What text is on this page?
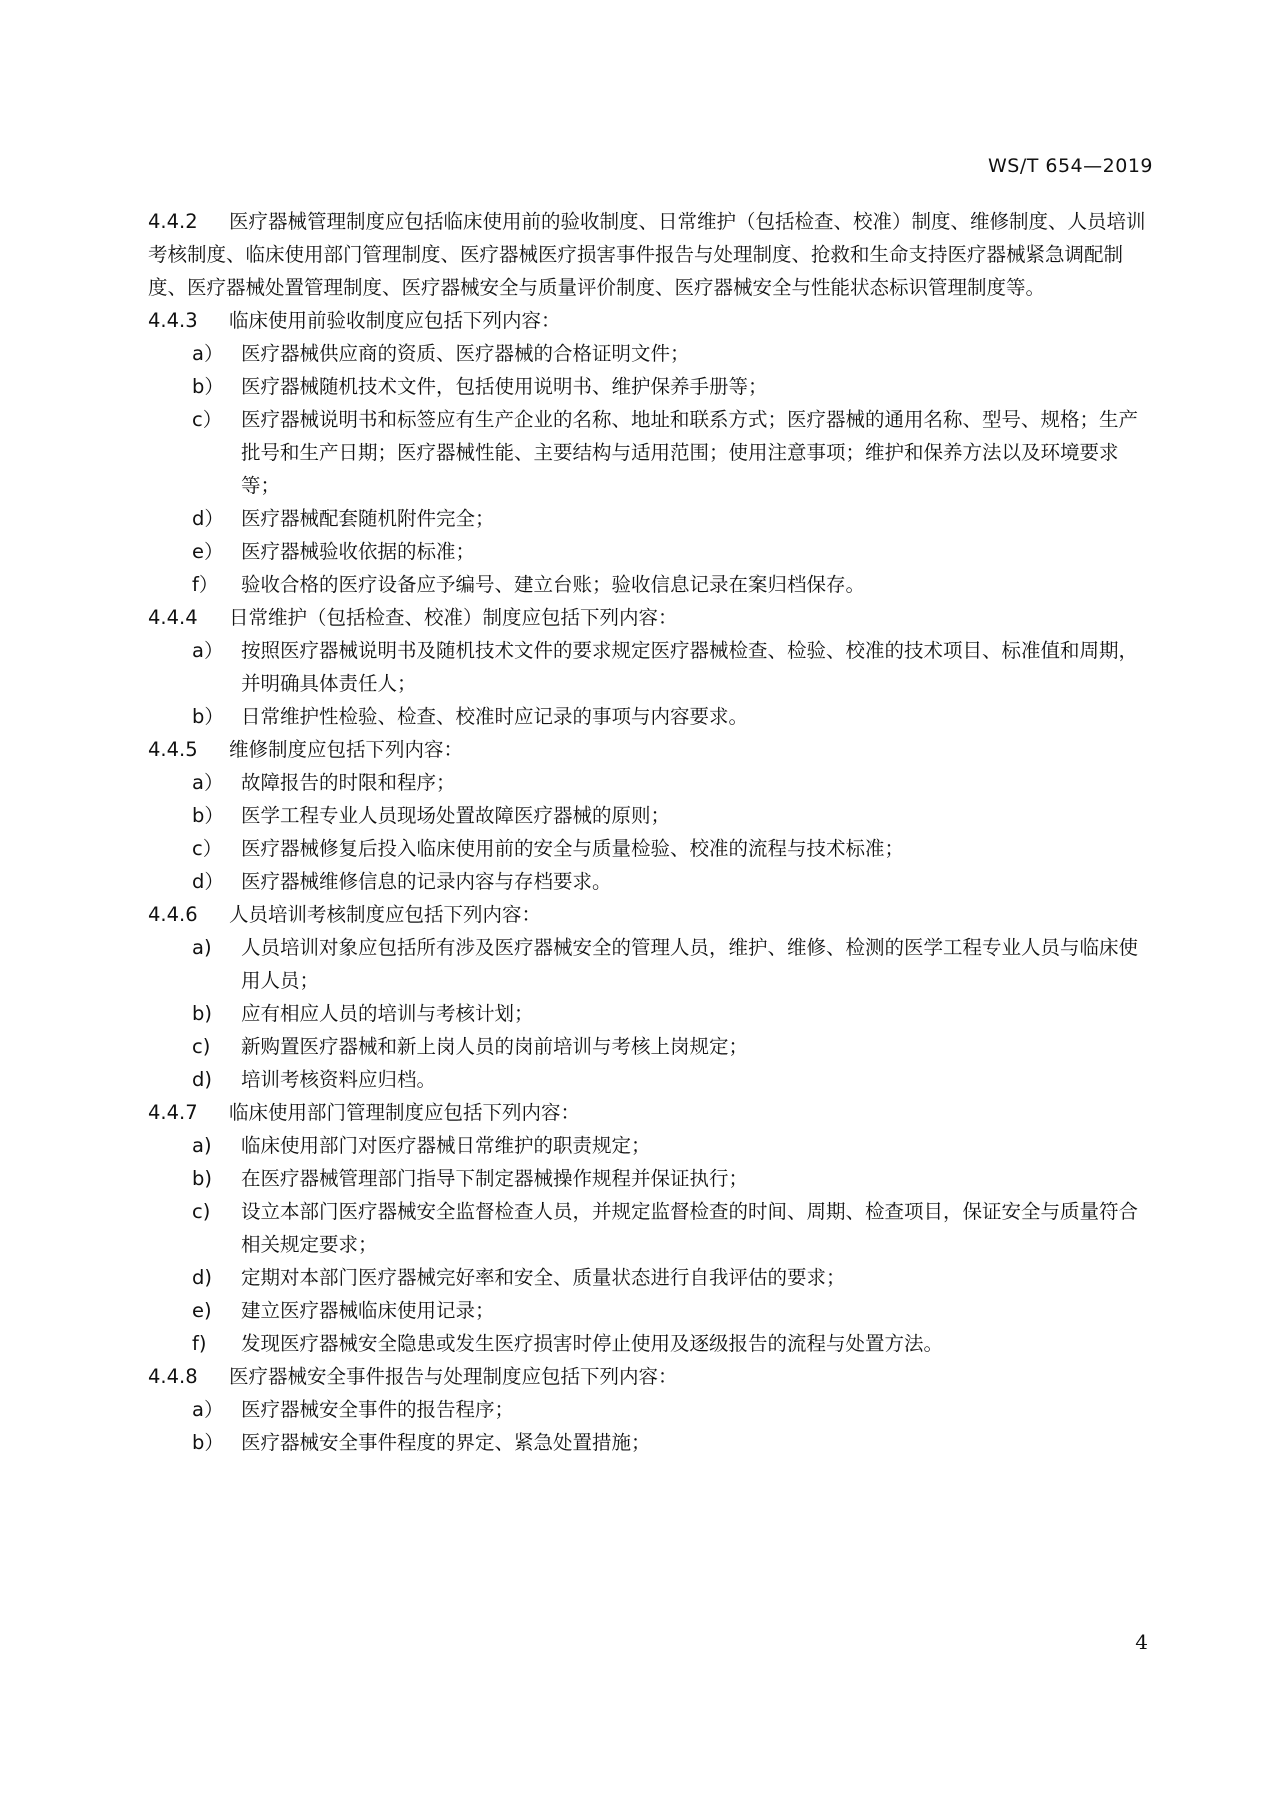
WS/T 654—2019

4.4.2 医疗器械管理制度应包括临床使用前的验收制度、日常维护（包括检查、校准）制度、维修制度、人员培训考核制度、临床使用部门管理制度、医疗器械医疗损害事件报告与处理制度、抢救和生命支持医疗器械紧急调配制度、医疗器械处置管理制度、医疗器械安全与质量评价制度、医疗器械安全与性能状态标识管理制度等。

4.4.3 临床使用前验收制度应包括下列内容：

a） 医疗器械供应商的资质、医疗器械的合格证明文件；

b） 医疗器械随机技术文件，包括使用说明书、维护保养手册等；

c） 医疗器械说明书和标签应有生产企业的名称、地址和联系方式；医疗器械的通用名称、型号、规格；生产批号和生产日期；医疗器械性能、主要结构与适用范围；使用注意事项；维护和保养方法以及环境要求等；

d） 医疗器械配套随机附件完全；

e） 医疗器械验收依据的标准；

f） 验收合格的医疗设备应予编号、建立台账；验收信息记录在案归档保存。

4.4.4 日常维护（包括检查、校准）制度应包括下列内容：

a） 按照医疗器械说明书及随机技术文件的要求规定医疗器械检查、检验、校准的技术项目、标准值和周期，并明确具体责任人；

b） 日常维护性检验、检查、校准时应记录的事项与内容要求。

4.4.5 维修制度应包括下列内容：

a） 故障报告的时限和程序；

b） 医学工程专业人员现场处置故障医疗器械的原则；

c） 医疗器械修复后投入临床使用前的安全与质量检验、校准的流程与技术标准；

d） 医疗器械维修信息的记录内容与存档要求。

4.4.6 人员培训考核制度应包括下列内容：

a) 人员培训对象应包括所有涉及医疗器械安全的管理人员，维护、维修、检测的医学工程专业人员与临床使用人员；

b) 应有相应人员的培训与考核计划；

c) 新购置医疗器械和新上岗人员的岗前培训与考核上岗规定；

d) 培训考核资料应归档。

4.4.7 临床使用部门管理制度应包括下列内容：

a) 临床使用部门对医疗器械日常维护的职责规定；

b) 在医疗器械管理部门指导下制定器械操作规程并保证执行；

c) 设立本部门医疗器械安全监督检查人员，并规定监督检查的时间、周期、检查项目，保证安全与质量符合相关规定要求；

d) 定期对本部门医疗器械完好率和安全、质量状态进行自我评估的要求；

e) 建立医疗器械临床使用记录；

f) 发现医疗器械安全隐患或发生医疗损害时停止使用及逐级报告的流程与处置方法。

4.4.8 医疗器械安全事件报告与处理制度应包括下列内容：

a） 医疗器械安全事件的报告程序；

b） 医疗器械安全事件程度的界定、紧急处置措施；

4
